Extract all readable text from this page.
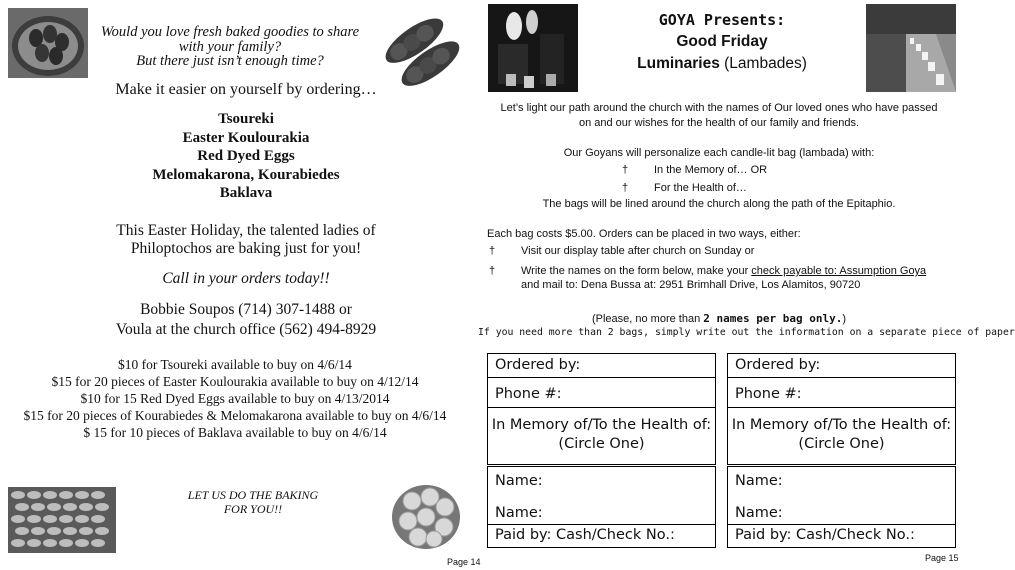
Would you love fresh baked goodies to share
with your family?
But there just isn’t enough time?
Make it easier on yourself by ordering…
Tsoureki
Easter Koulourakia
Red Dyed Eggs
Melomakarona, Kourabiedes
Baklava
This Easter Holiday, the talented ladies of
Philoptochos are baking just for you!
Call in your orders today!!
Bobbie Soupos (714) 307-1488 or
Voula at the church office (562) 494-8929
$10 for Tsoureki available to buy on 4/6/14
$15 for 20 pieces of Easter Koulourakia available to buy on 4/12/14
$10 for 15 Red Dyed Eggs available to buy on 4/13/2014
$15 for 20 pieces of Kourabiedes & Melomakarona available to buy on 4/6/14
$ 15 for 10 pieces of Baklava available to buy on 4/6/14
LET US DO THE BAKING
FOR YOU!!
Page 14
GOYA Presents:
Good Friday
Luminaries (Lambades)
Let’s light our path around the church with the names of Our loved ones who have passed
on and our wishes for the health of our family and friends.
Our Goyans will personalize each candle-lit bag (lambada) with:
† In the Memory of… OR
† For the Health of…
The bags will be lined around the church along the path of the Epitaphio.
Each bag costs $5.00. Orders can be placed in two ways, either:
† Visit our display table after church on Sunday or
† Write the names on the form below, make your check payable to: Assumption Goya
and mail to: Dena Bussa at: 2951 Brimhall Drive, Los Alamitos, 90720
(Please, no more than 2 names per bag only.)
If you need more than 2 bags, simply write out the information on a separate piece of paper
Ordered by:
Phone #:
In Memory of/To the Health of:
(Circle One)
Name:
Name:
Paid by: Cash/Check No.:
Ordered by:
Phone #:
In Memory of/To the Health of:
(Circle One)
Name:
Name:
Paid by: Cash/Check No.:
Page 15
